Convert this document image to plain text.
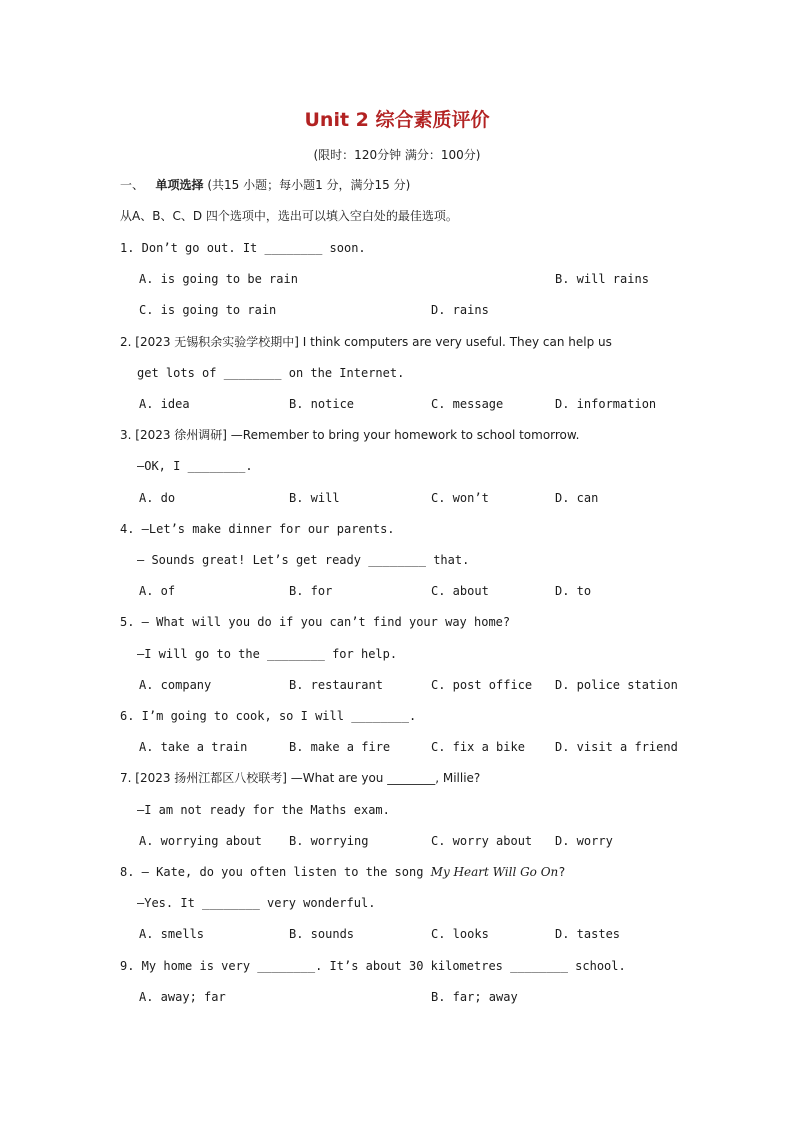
Unit 2 综合素质评价
(限时：120分钟 满分：100分)
一、 单项选择 (共15 小题；每小题1 分，满分15 分)
从A、B、C、D 四个选项中，选出可以填入空白处的最佳选项。
1. Don’t go out. It ________ soon.
A. is going to be rain	B. will rains
C. is going to rain	D. rains
2. [2023 无锡积余实验学校期中] I think computers are very useful. They can help us
get lots of ________ on the Internet.
A. idea	B. notice	C. message	D. information
3. [2023 徐州调研] —Remember to bring your homework to school tomorrow.
—OK, I ________.
A. do	B. will	C. won’t	D. can
4. —Let’s make dinner for our parents.
— Sounds great! Let’s get ready ________ that.
A. of	B. for	C. about	D. to
5. — What will you do if you can’t find your way home?
—I will go to the ________ for help.
A. company	B. restaurant	C. post office D. police station
6. I’m going to cook, so I will ________.
A. take a train	B. make a fire	C. fix a bike	D. visit a friend
7. [2023 扬州江都区八校联考] —What are you ________, Millie?
—I am not ready for the Maths exam.
A. worrying about B. worrying	C. worry about D. worry
8. — Kate, do you often listen to the song My Heart Will Go On?
—Yes. It ________ very wonderful.
A. smells	B. sounds	C. looks	D. tastes
9. My home is very ________. It’s about 30 kilometres ________ school.
A. away; far	B. far; away
